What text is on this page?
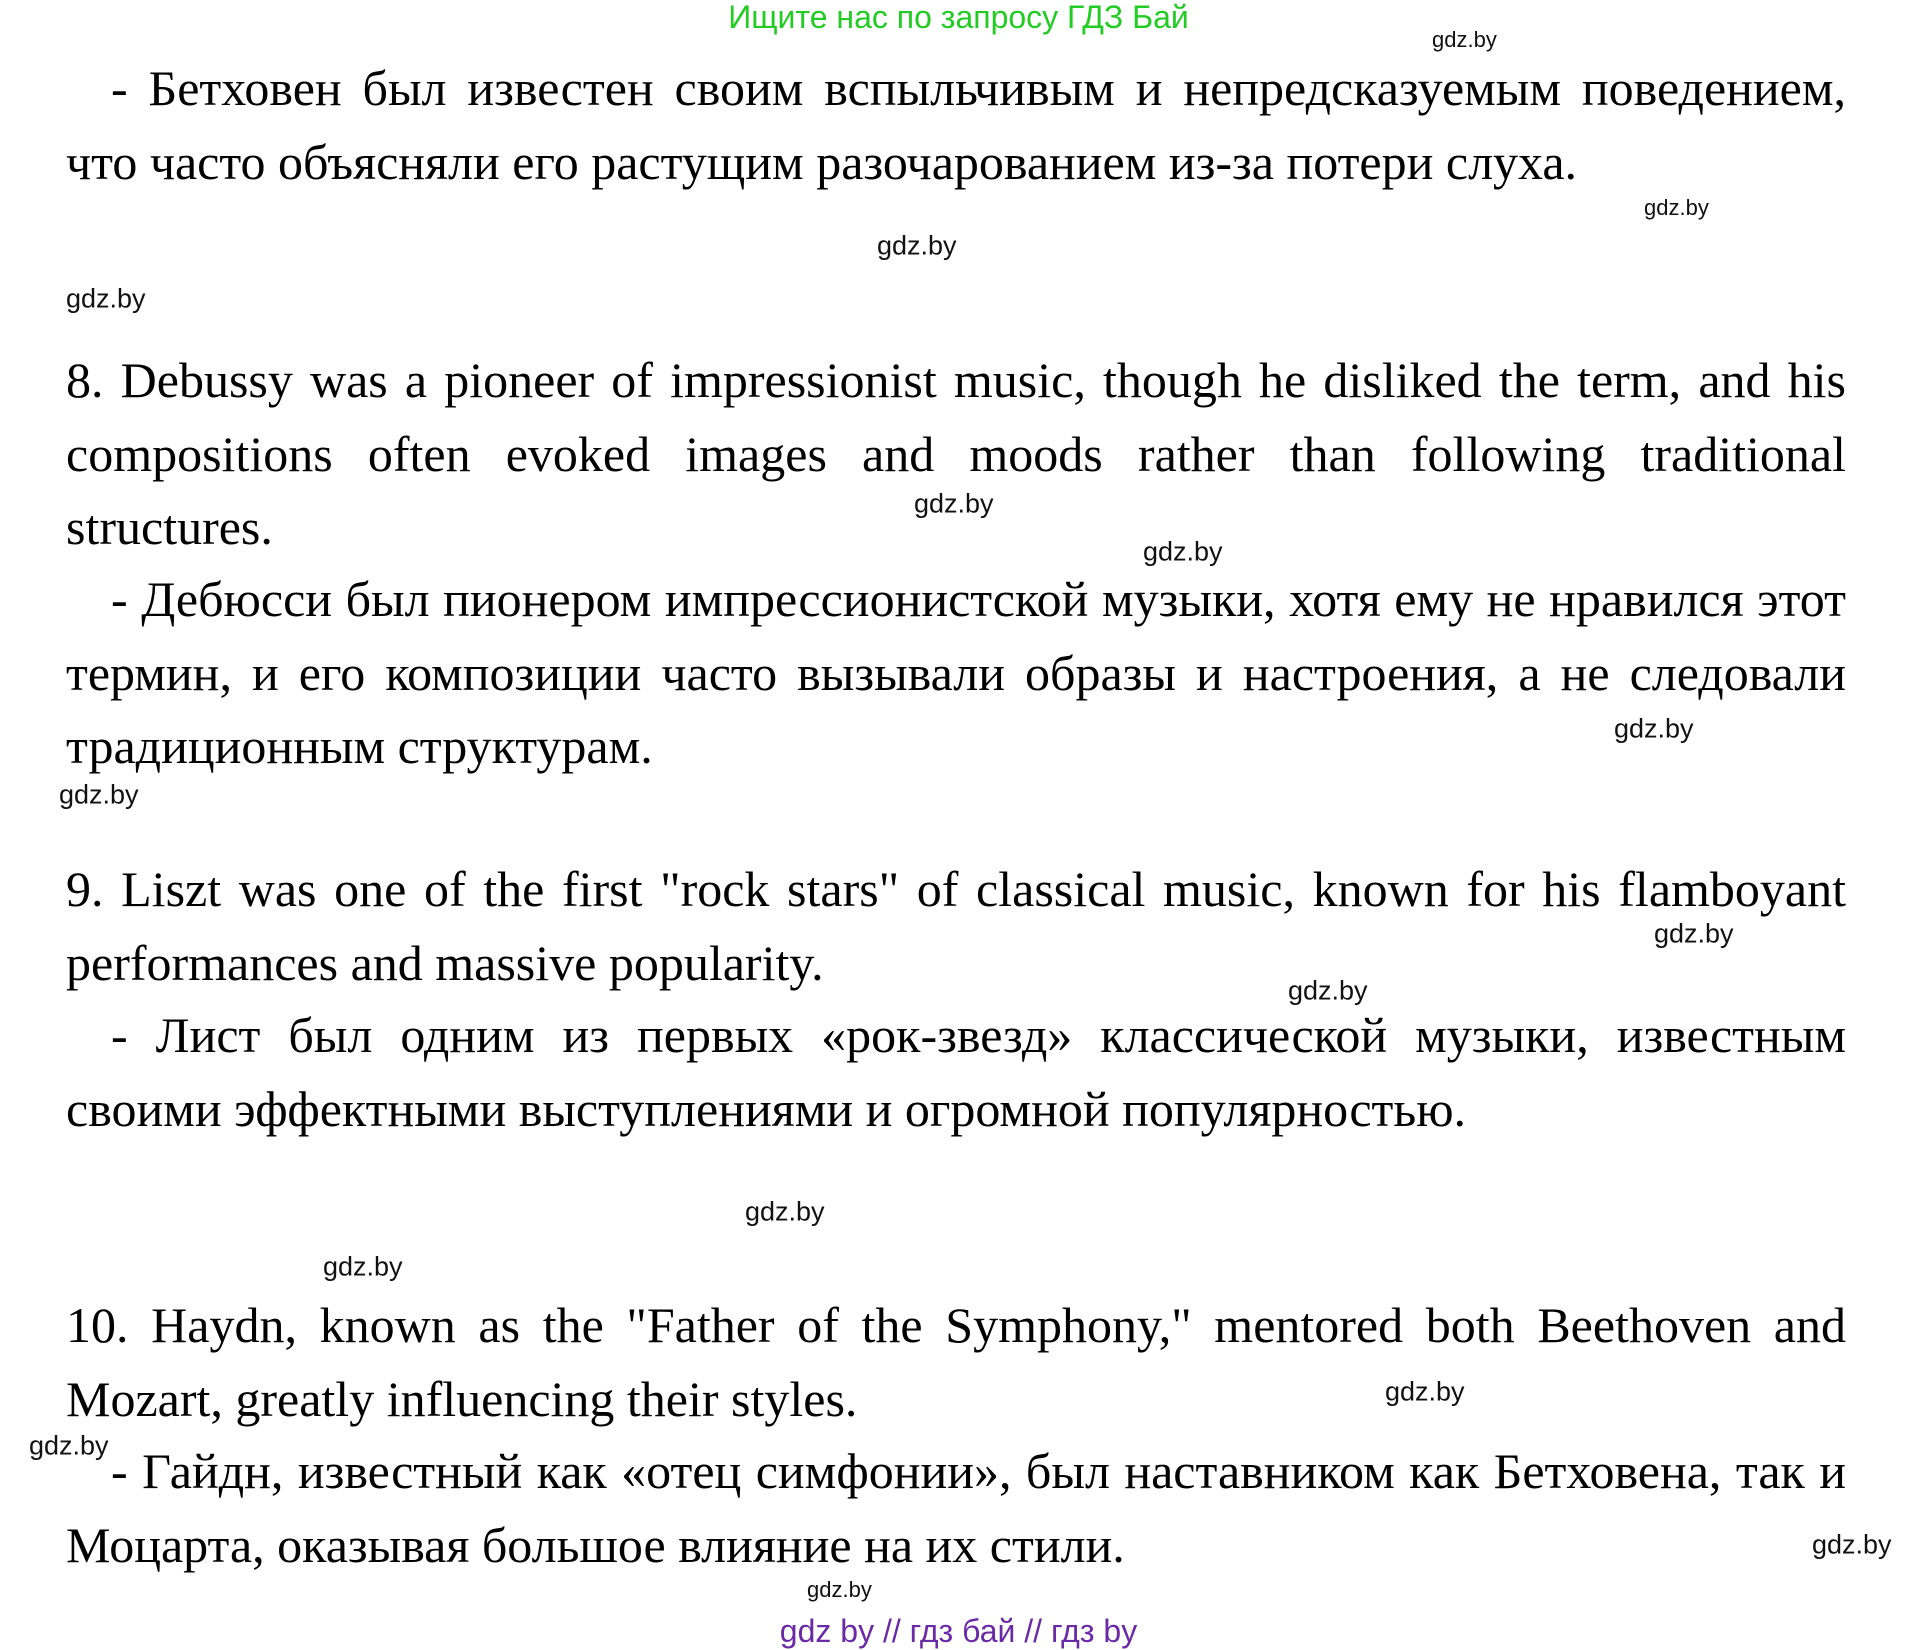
Ищите нас по запросу ГДЗ Бай
- Бетховен был известен своим вспыльчивым и непредсказуемым поведением, что часто объясняли его растущим разочарованием из-за потери слуха.
8. Debussy was a pioneer of impressionist music, though he disliked the term, and his compositions often evoked images and moods rather than following traditional structures.
- Дебюсси был пионером импрессионистской музыки, хотя ему не нравился этот термин, и его композиции часто вызывали образы и настроения, а не следовали традиционным структурам.
9. Liszt was one of the first "rock stars" of classical music, known for his flamboyant performances and massive popularity.
- Лист был одним из первых «рок-звезд» классической музыки, известным своими эффектными выступлениями и огромной популярностью.
10. Haydn, known as the "Father of the Symphony," mentored both Beethoven and Mozart, greatly influencing their styles.
- Гайдн, известный как «отец симфонии», был наставником как Бетховена, так и Моцарта, оказывая большое влияние на их стили.
gdz.by
gdz.by
gdz.by
gdz.by
gdz.by
gdz.by
gdz.by
gdz.by
gdz.by
gdz.by
gdz.by
gdz.by
gdz.by
gdz.by
gdz.by
gdz.by
gdz by // гдз бай // гдз by
